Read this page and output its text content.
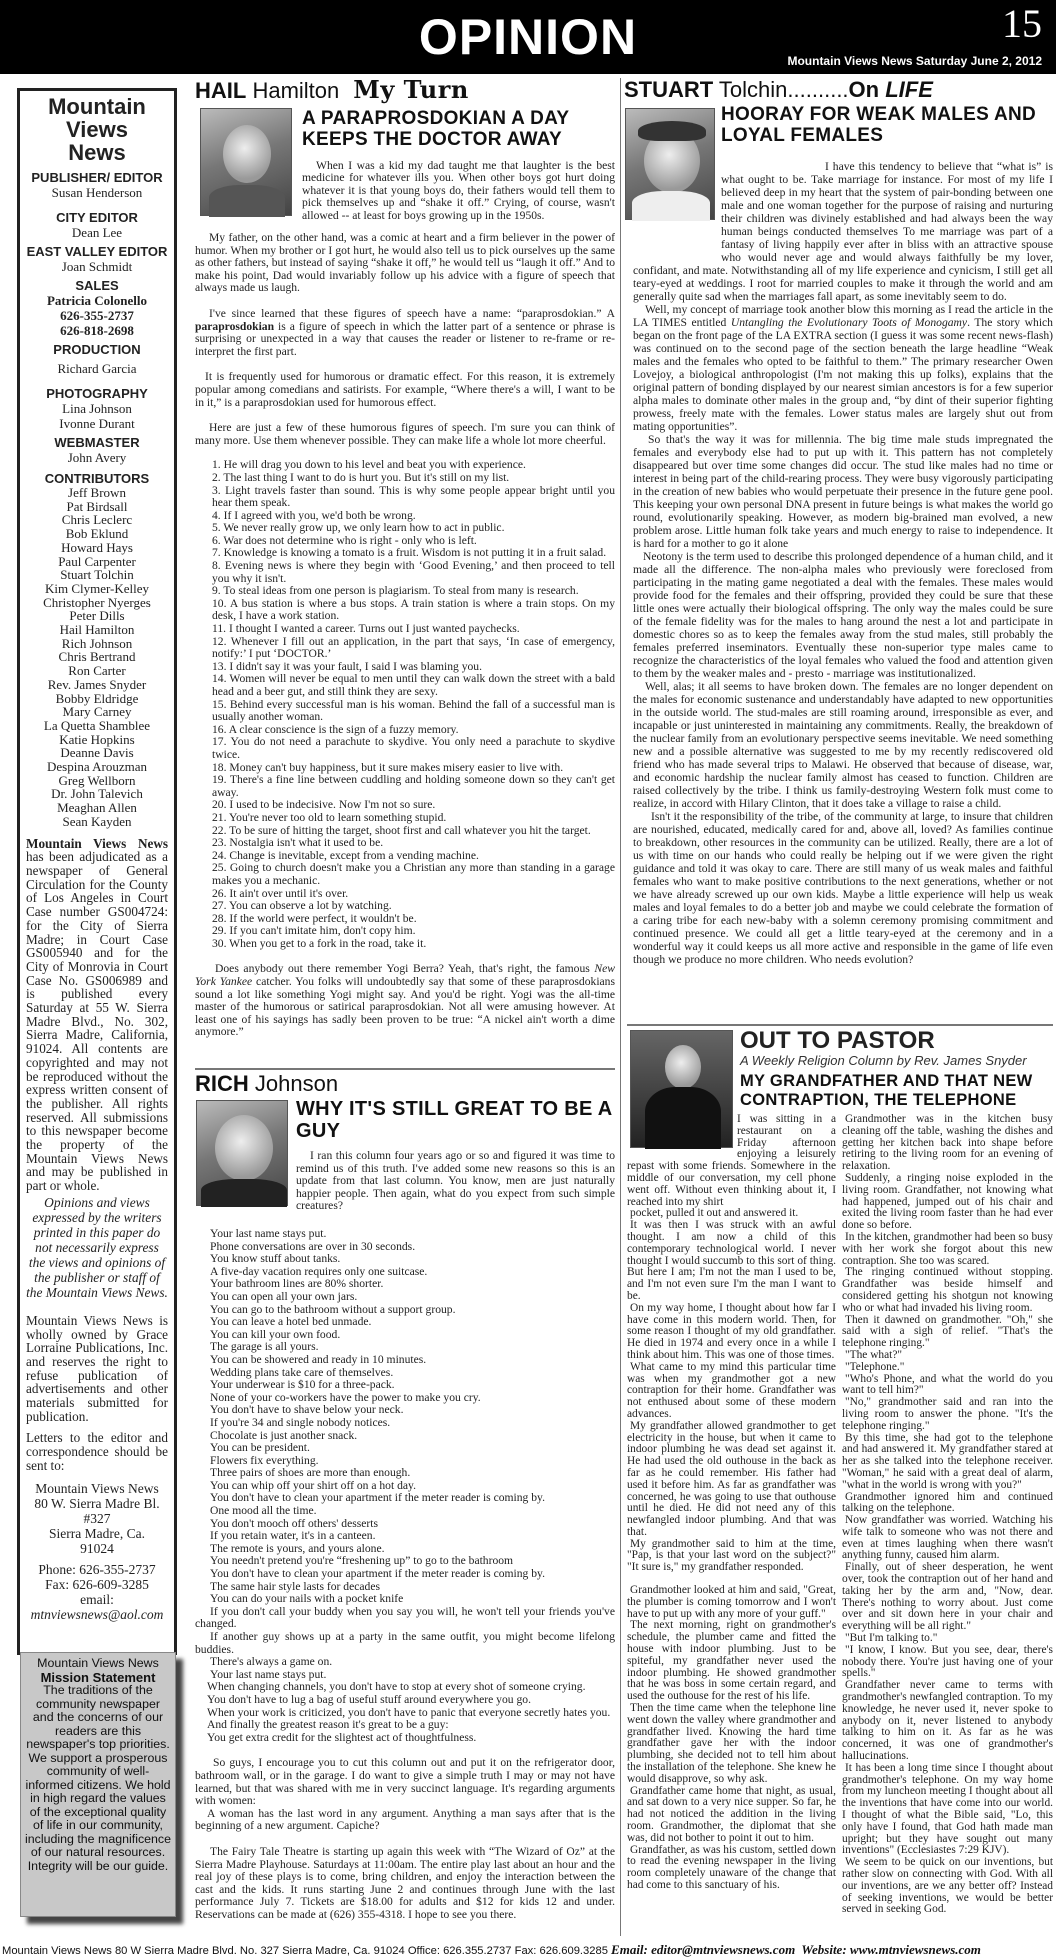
OPINION	15
Mountain Views News Saturday June 2, 2012
Mountain
Views
News
PUBLISHER/ EDITOR
Susan Henderson
CITY EDITOR
Dean Lee
EAST VALLEY EDITOR
Joan Schmidt
SALES
Patricia Colonello
626-355-2737
626-818-2698
PRODUCTION
Richard Garcia
PHOTOGRAPHY
Lina Johnson
Ivonne Durant
WEBMASTER
John Avery
CONTRIBUTORS
Jeff Brown
Pat Birdsall
Chris Leclerc
Bob Eklund
Howard Hays
Paul Carpenter
Stuart Tolchin
Kim Clymer-Kelley
Christopher Nyerges
Peter Dills
Hail Hamilton
Rich Johnson
Chris Bertrand
Ron Carter
Rev. James Snyder
Bobby Eldridge
Mary Carney
La Quetta Shamblee
Katie Hopkins
Deanne Davis
Despina Arouzman
Greg Wellborn
Dr. John Talevich
Meaghan Allen
Sean Kayden
Mountain Views News has been adjudicated as a newspaper of General Circulation for the County of Los Angeles in Court Case number GS004724: for the City of Sierra Madre; in Court Case GS005940 and for the City of Monrovia in Court Case No. GS006989 and is published every Saturday at 55 W. Sierra Madre Blvd., No. 302, Sierra Madre, California, 91024. All contents are copyrighted and may not be reproduced without the express written consent of the publisher. All rights reserved. All submissions to this newspaper become the property of the Mountain Views News and may be published in part or whole.
Opinions and views expressed by the writers printed in this paper do not necessarily express the views and opinions of the publisher or staff of the Mountain Views News.
Mountain Views News is wholly owned by Grace Lorraine Publications, Inc. and reserves the right to refuse publication of advertisements and other materials submitted for publication.
Letters to the editor and correspondence should be sent to:
Mountain Views News
80 W. Sierra Madre Bl.
#327
Sierra Madre, Ca.
91024
Phone: 626-355-2737
Fax: 626-609-3285
email:
mtnviewsnews@aol.com
Mountain Views News
Mission Statement
The traditions of the community newspaper and the concerns of our readers are this newspaper's top priorities. We support a prosperous community of well-informed citizens. We hold in high regard the values of the exceptional quality of life in our community, including the magnificence of our natural resources. Integrity will be our guide.
HAIL Hamilton My Turn
A PARAPROSDOKIAN A DAY KEEPS THE DOCTOR AWAY

When I was a kid my dad taught me that laughter is the best medicine for whatever ills you. When other boys got hurt doing whatever it is that young boys do, their fathers would tell them to pick themselves up and “shake it off.” Crying, of course, wasn't allowed -- at least for boys growing up in the 1950s.

My father, on the other hand, was a comic at heart and a firm believer in the power of humor. When my brother or I got hurt, he would also tell us to pick ourselves up the same as other fathers, but instead of saying “shake it off,” he would tell us “laugh it off.” And to make his point, Dad would invariably follow up his advice with a figure of speech that always made us laugh.

I've since learned that these figures of speech have a name: “paraprosdokian.” A paraprosdokian is a figure of speech in which the latter part of a sentence or phrase is surprising or unexpected in a way that causes the reader or listener to re-frame or re-interpret the first part.

It is frequently used for humorous or dramatic effect. For this reason, it is extremely popular among comedians and satirists. For example, “Where there's a will, I want to be in it,” is a paraprosdokian used for humorous effect.

Here are just a few of these humorous figures of speech. I'm sure you can think of many more. Use them whenever possible. They can make life a whole lot more cheerful.

1. He will drag you down to his level and beat you with experience.
2. The last thing I want to do is hurt you. But it's still on my list.
3. Light travels faster than sound. This is why some people appear bright until you hear them speak.
4. If I agreed with you, we'd both be wrong.
5. We never really grow up, we only learn how to act in public.
6. War does not determine who is right - only who is left.
7. Knowledge is knowing a tomato is a fruit. Wisdom is not putting it in a fruit salad.
8. Evening news is where they begin with ‘Good Evening,’ and then proceed to tell you why it isn't.
9. To steal ideas from one person is plagiarism. To steal from many is research.
10. A bus station is where a bus stops. A train station is where a train stops. On my desk, I have a work station.
11. I thought I wanted a career. Turns out I just wanted paychecks.
12. Whenever I fill out an application, in the part that says, ‘In case of emergency, notify:’ I put ‘DOCTOR.’
13. I didn't say it was your fault, I said I was blaming you.
14. Women will never be equal to men until they can walk down the street with a bald head and a beer gut, and still think they are sexy.
15. Behind every successful man is his woman. Behind the fall of a successful man is usually another woman.
16. A clear conscience is the sign of a fuzzy memory.
17. You do not need a parachute to skydive. You only need a parachute to skydive twice.
18. Money can't buy happiness, but it sure makes misery easier to live with.
19. There's a fine line between cuddling and holding someone down so they can't get away.
20. I used to be indecisive. Now I'm not so sure.
21. You're never too old to learn something stupid.
22. To be sure of hitting the target, shoot first and call whatever you hit the target.
23. Nostalgia isn't what it used to be.
24. Change is inevitable, except from a vending machine.
25. Going to church doesn't make you a Christian any more than standing in a garage makes you a mechanic.
26. It ain't over until it's over.
27. You can observe a lot by watching.
28. If the world were perfect, it wouldn't be.
29. If you can't imitate him, don't copy him.
30. When you get to a fork in the road, take it.

Does anybody out there remember Yogi Berra? Yeah, that's right, the famous New York Yankee catcher. You folks will undoubtedly say that some of these paraprosdokians sound a lot like something Yogi might say. And you'd be right. Yogi was the all-time master of the humorous or satirical paraprosdokian. Not all were amusing however. At least one of his sayings has sadly been proven to be true: “A nickel ain't worth a dime anymore.”

RICH Johnson
WHY IT'S STILL GREAT TO BE A GUY

I ran this column four years ago or so and figured it was time to remind us of this truth. I've added some new reasons so this is an update from that last column. You know, men are just naturally happier people. Then again, what do you expect from such simple creatures?

Your last name stays put.
Phone conversations are over in 30 seconds.
You know stuff about tanks.
A five-day vacation requires only one suitcase.
Your bathroom lines are 80% shorter.
You can open all your own jars.
You can go to the bathroom without a support group.
You can leave a hotel bed unmade.
You can kill your own food.
The garage is all yours.
You can be showered and ready in 10 minutes.
Wedding plans take care of themselves.
Your underwear is $10 for a three-pack.
None of your co-workers have the power to make you cry.
You don't have to shave below your neck.
If you're 34 and single nobody notices.
Chocolate is just another snack.
You can be president.
Flowers fix everything.
Three pairs of shoes are more than enough.
You can whip off your shirt off on a hot day.
You don't have to clean your apartment if the meter reader is coming by.
One mood all the time.
You don't mooch off others' desserts
If you retain water, it's in a canteen.
The remote is yours, and yours alone.
You needn't pretend you're “freshening up” to go to the bathroom
You don't have to clean your apartment if the meter reader is coming by.
The same hair style lasts for decades
You can do your nails with a pocket knife
If you don't call your buddy when you say you will, he won't tell your friends you've changed.
If another guy shows up at a party in the same outfit, you might become lifelong buddies.
There's always a game on.
Your last name stays put.
When changing channels, you don't have to stop at every shot of someone crying.
You don't have to lug a bag of useful stuff around everywhere you go.
When your work is criticized, you don't have to panic that everyone secretly hates you.
And finally the greatest reason it's great to be a guy:
You get extra credit for the slightest act of thoughtfulness.

So guys, I encourage you to cut this column out and put it on the refrigerator door, bathroom wall, or in the garage. I do want to give a simple truth I may or may not have learned, but that was shared with me in very succinct language. It's regarding arguments with women:

A woman has the last word in any argument. Anything a man says after that is the beginning of a new argument. Capiche?

The Fairy Tale Theatre is starting up again this week with “The Wizard of Oz” at the Sierra Madre Playhouse. Saturdays at 11:00am. The entire play last about an hour and the real joy of these plays is to come, bring children, and enjoy the interaction between the cast and the kids. It runs starting June 2 and continues through June with the last performance July 7. Tickets are $18.00 for adults and $12 for kids 12 and under. Reservations can be made at (626) 355-4318. I hope to see you there.

STUART Tolchin..........On LIFE
HOORAY FOR WEAK MALES AND LOYAL FEMALES

I have this tendency to believe that “what is” is what ought to be. Take marriage for instance. For most of my life I believed deep in my heart that the system of pair-bonding between one male and one woman together for the purpose of raising and nurturing their children was divinely established and had always been the way human beings conducted themselves To me marriage was part of a fantasy of living happily ever after in bliss with an attractive spouse who would never age and would always faithfully be my lover, confidant, and mate. Notwithstanding all of my life experience and cynicism, I still get all teary-eyed at weddings. I root for married couples to make it through the world and am generally quite sad when the marriages fall apart, as some inevitably seem to do.

Well, my concept of marriage took another blow this morning as I read the article in the LA TIMES entitled Untangling the Evolutionary Toots of Monogamy. The story which began on the front page of the LA EXTRA section (I guess it was some recent news-flash) was continued on to the second page of the section beneath the large headline “Weak males and the females who opted to be faithful to them.” The primary researcher Owen Lovejoy, a biological anthropologist (I'm not making this up folks), explains that the original pattern of bonding displayed by our nearest simian ancestors is for a few superior alpha males to dominate other males in the group and, “by dint of their superior fighting prowess, freely mate with the females. Lower status males are largely shut out from mating opportunities”.

So that's the way it was for millennia. The big time male studs impregnated the females and everybody else had to put up with it. This pattern has not completely disappeared but over time some changes did occur. The stud like males had no time or interest in being part of the child-rearing process. They were busy vigorously participating in the creation of new babies who would perpetuate their presence in the future gene pool. This keeping your own personal DNA present in future beings is what makes the world go round, evolutionarily speaking. However, as modern big-brained man evolved, a new problem arose. Little human folk take years and much energy to raise to independence. It is hard for a mother to go it alone

Neotony is the term used to describe this prolonged dependence of a human child, and it made all the difference. The non-alpha males who previously were foreclosed from participating in the mating game negotiated a deal with the females. These males would provide food for the females and their offspring, provided they could be sure that these little ones were actually their biological offspring. The only way the males could be sure of the female fidelity was for the males to hang around the nest a lot and participate in domestic chores so as to keep the females away from the stud males, still probably the females preferred inseminators. Eventually these non-superior type males came to recognize the characteristics of the loyal females who valued the food and attention given to them by the weaker males and - presto - marriage was institutionalized.

Well, alas; it all seems to have broken down. The females are no longer dependent on the males for economic sustenance and understandably have adapted to new opportunities in the outside world. The stud-males are still roaming around, irresponsible as ever, and incapable or just uninterested in maintaining any commitments. Really, the breakdown of the nuclear family from an evolutionary perspective seems inevitable. We need something new and a possible alternative was suggested to me by my recently rediscovered old friend who has made several trips to Malawi. He observed that because of disease, war, and economic hardship the nuclear family almost has ceased to function. Children are raised collectively by the tribe. I think us family-destroying Western folk must come to realize, in accord with Hilary Clinton, that it does take a village to raise a child.

Isn't it the responsibility of the tribe, of the community at large, to insure that children are nourished, educated, medically cared for and, above all, loved? As families continue to breakdown, other resources in the community can be utilized. Really, there are a lot of us with time on our hands who could really be helping out if we were given the right guidance and told it was okay to care. There are still many of us weak males and faithful females who want to make positive contributions to the next generations, whether or not we have already screwed up our own kids. Maybe a little experience will help us weak males and loyal females to do a better job and maybe we could celebrate the formation of a caring tribe for each new-baby with a solemn ceremony promising commitment and continued presence. We could all get a little teary-eyed at the ceremony and in a wonderful way it could keeps us all more active and responsible in the game of life even though we produce no more children. Who needs evolution?

OUT TO PASTOR
A Weekly Religion Column by Rev. James Snyder
MY GRANDFATHER AND THAT NEW CONTRAPTION, THE TELEPHONE

I was sitting in a restaurant on a Friday afternoon enjoying a leisurely repast with some friends. Somewhere in the middle of our conversation, my cell phone went off. Without even thinking about it, I reached into my shirt

pocket, pulled it out and answered it.

It was then I was struck with an awful thought. I am now a child of this contemporary technological world. I never thought I would succumb to this sort of thing. But here I am; I'm not the man I used to be, and I'm not even sure I'm the man I want to be.

On my way home, I thought about how far I have come in this modern world. Then, for some reason I thought of my old grandfather. He died in 1974 and every once in a while I think about him. This was one of those times.

What came to my mind this particular time was when my grandmother got a new contraption for their home. Grandfather was not enthused about some of these modern advances.

My grandfather allowed grandmother to get electricity in the house, but when it came to indoor plumbing he was dead set against it. He had used the old outhouse in the back as far as he could remember. His father had used it before him. As far as grandfather was concerned, he was going to use that outhouse until he died. He did not need any of this newfangled indoor plumbing. And that was that.

My grandmother said to him at the time, "Pap, is that your last word on the subject?" "It sure is," my grandfather responded.

Grandmother looked at him and said, "Great, the plumber is coming tomorrow and I won't have to put up with any more of your guff."

The next morning, right on grandmother's schedule, the plumber came and fitted the house with indoor plumbing. Just to be spiteful, my grandfather never used the indoor plumbing. He showed grandmother that he was boss in some certain regard, and used the outhouse for the rest of his life.

Then the time came when the telephone line went down the valley where grandmother and grandfather lived. Knowing the hard time grandfather gave her with the indoor plumbing, she decided not to tell him about the installation of the telephone. She knew he would disapprove, so why ask.

Grandfather came home that night, as usual, and sat down to a very nice supper. So far, he had not noticed the addition in the living room. Grandmother, the diplomat that she was, did not bother to point it out to him.

Grandfather, as was his custom, settled down to read the evening newspaper in the living room completely unaware of the change that had come to this sanctuary of his.

Grandmother was in the kitchen busy cleaning off the table, washing the dishes and getting her kitchen back into shape before retiring to the living room for an evening of relaxation.

Suddenly, a ringing noise exploded in the living room. Grandfather, not knowing what had happened, jumped out of his chair and exited the living room faster than he had ever done so before.

In the kitchen, grandmother had been so busy with her work she forgot about this new contraption. She too was scared.

The ringing continued without stopping. Grandfather was beside himself and considered getting his shotgun not knowing who or what had invaded his living room.

Then it dawned on grandmother. "Oh," she said with a sigh of relief. "That's the telephone ringing."

"The what?"

"Telephone."

"Who's Phone, and what the world do you want to tell him?"

"No," grandmother said and ran into the living room to answer the phone. "It's the telephone ringing."

By this time, she had got to the telephone and had answered it. My grandfather stared at her as she talked into the telephone receiver. "Woman," he said with a great deal of alarm, "what in the world is wrong with you?"

Grandmother ignored him and continued talking on the telephone.

Now grandfather was worried. Watching his wife talk to someone who was not there and even at times laughing when there wasn't anything funny, caused him alarm.

Finally, out of sheer desperation, he went over, took the contraption out of her hand and taking her by the arm and, "Now, dear. There's nothing to worry about. Just come over and sit down here in your chair and everything will be all right."

"But I'm talking to."

"I know, I know. But you see, dear, there's nobody there. You're just having one of your spells."

Grandfather never came to terms with grandmother's newfangled contraption. To my knowledge, he never used it, never spoke to anybody on it, never listened to anybody talking to him on it. As far as he was concerned, it was one of grandmother's hallucinations.

It has been a long time since I thought about grandmother's telephone. On my way home from my luncheon meeting I thought about all the inventions that have come into our world. I thought of what the Bible said, "Lo, this only have I found, that God hath made man upright; but they have sought out many inventions" (Ecclesiastes 7:29 KJV).

We seem to be quick on our inventions, but rather slow on connecting with God. With all our inventions, are we any better off? Instead of seeking inventions, we would be better served in seeking God.

Mountain Views News 80 W Sierra Madre Blvd. No. 327 Sierra Madre, Ca. 91024 Office: 626.355.2737 Fax: 626.609.3285 Email: editor@mtnviewsnews.com Website: www.mtnviewsnews.com
